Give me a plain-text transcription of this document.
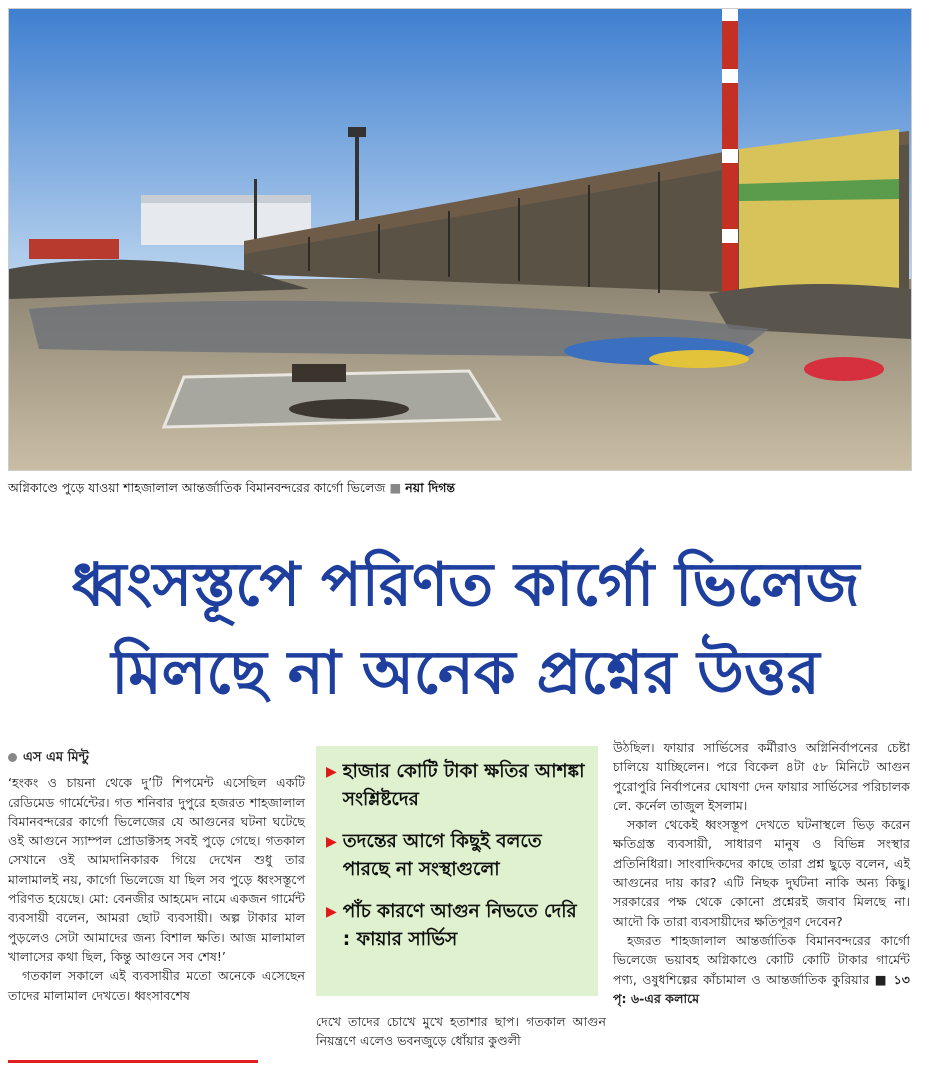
অগ্নিকাণ্ডে পুড়ে যাওয়া শাহজালাল আন্তর্জাতিক বিমানবন্দরের কার্গো ভিলেজ ■ নয়া দিগন্ত
ধ্বংসস্তূপে পরিণত কার্গো ভিলেজ
মিলছে না অনেক প্রশ্নের উত্তর
এস এম মিন্টু

‘হংকং ও চায়না থেকে দু’টি শিপমেন্ট এসেছিল একটি রেডিমেড গার্মেন্টের। গত শনিবার দুপুরে হজরত শাহজালাল বিমানবন্দরের কার্গো ভিলেজের যে আগুনের ঘটনা ঘটেছে ওই আগুনে স্যাম্পল প্রোডাক্টসহ সবই পুড়ে গেছে। গতকাল সেখানে ওই আমদানিকারক গিয়ে দেখেন শুধু তার মালামালই নয়, কার্গো ভিলেজে যা ছিল সব পুড়ে ধ্বংসস্তূপে পরিণত হয়েছে। মো: বেনজীর আহমেদ নামে একজন গার্মেন্ট ব্যবসায়ী বলেন, আমরা ছোট ব্যবসায়ী। অল্প টাকার মাল পুড়লেও সেটা আমাদের জন্য বিশাল ক্ষতি। আজ মালামাল খালাসের কথা ছিল, কিন্তু আগুনে সব শেষ!’

গতকাল সকালে এই ব্যবসায়ীর মতো অনেকে এসেছেন তাদের মালামাল দেখতে। ধ্বংসাবশেষ

▶ হাজার কোটি টাকা ক্ষতির আশঙ্কা সংশ্লিষ্টদের
▶ তদন্তের আগে কিছুই বলতে পারছে না সংস্থাগুলো
▶ পাঁচ কারণে আগুন নিভতে দেরি : ফায়ার সার্ভিস

দেখে তাদের চোখে মুখে হতাশার ছাপ। গতকাল আগুন নিয়ন্ত্রণে এলেও ভবনজুড়ে ধোঁয়ার কুণ্ডলী

উঠছিল। ফায়ার সার্ভিসের কর্মীরাও অগ্নিনির্বাপনের চেষ্টা চালিয়ে যাচ্ছিলেন। পরে বিকেল ৪টা ৫৮ মিনিটে আগুন পুরোপুরি নির্বাপনের ঘোষণা দেন ফায়ার সার্ভিসের পরিচালক লে. কর্নেল তাজুল ইসলাম।

সকাল থেকেই ধ্বংসস্তূপ দেখতে ঘটনাস্থলে ভিড় করেন ক্ষতিগ্রস্ত ব্যবসায়ী, সাধারণ মানুষ ও বিভিন্ন সংস্থার প্রতিনিধিরা। সাংবাদিকদের কাছে তারা প্রশ্ন ছুড়ে বলেন, এই আগুনের দায় কার? এটি নিছক দুর্ঘটনা নাকি অন্য কিছু। সরকারের পক্ষ থেকে কোনো প্রশ্নেরই জবাব মিলছে না। আদৌ কি তারা ব্যবসায়ীদের ক্ষতিপূরণ দেবেন?

হজরত শাহজালাল আন্তর্জাতিক বিমানবন্দরের কার্গো ভিলেজে ভয়াবহ অগ্নিকাণ্ডে কোটি কোটি টাকার গার্মেন্ট পণ্য, ওষুধশিল্পের কাঁচামাল ও আন্তর্জাতিক কুরিয়ার ■ ১৩ পৃ: ৬-এর কলামে
